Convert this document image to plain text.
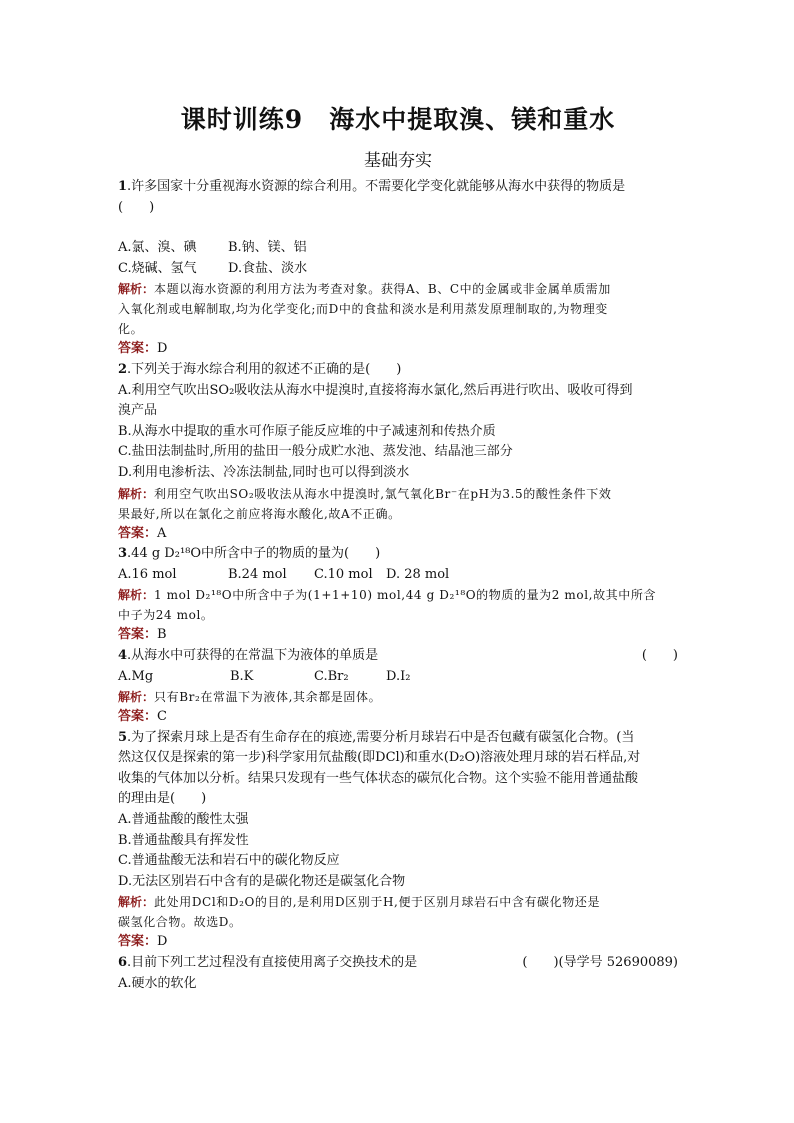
课时训练9　海水中提取溴、镁和重水
基础夯实
1.许多国家十分重视海水资源的综合利用。不需要化学变化就能够从海水中获得的物质是
(　　)
A.氯、溴、碘	B.钠、镁、铝
C.烧碱、氢气	D.食盐、淡水
解析：本题以海水资源的利用方法为考查对象。获得A、B、C中的金属或非金属单质需加
入氧化剂或电解制取,均为化学变化;而D中的食盐和淡水是利用蒸发原理制取的,为物理变
化。
答案：D
2.下列关于海水综合利用的叙述不正确的是(　　)
A.利用空气吹出SO₂吸收法从海水中提溴时,直接将海水氯化,然后再进行吹出、吸收可得到
溴产品
B.从海水中提取的重水可作原子能反应堆的中子减速剂和传热介质
C.盐田法制盐时,所用的盐田一般分成贮水池、蒸发池、结晶池三部分
D.利用电渗析法、冷冻法制盐,同时也可以得到淡水
解析：利用空气吹出SO₂吸收法从海水中提溴时,氯气氧化Br⁻在pH为3.5的酸性条件下效
果最好,所以在氯化之前应将海水酸化,故A不正确。
答案：A
3.44 g D₂¹⁸O中所含中子的物质的量为(　　)
A.16 mol	B.24 mol	C.10 mol	D. 28 mol
解析：1 mol D₂¹⁸O中所含中子为(1+1+10) mol,44 g D₂¹⁸O的物质的量为2 mol,故其中所含
中子为24 mol。
答案：B
4.从海水中可获得的在常温下为液体的单质是	(　　)
A.Mg	B.K	C.Br₂	D.I₂
解析：只有Br₂在常温下为液体,其余都是固体。
答案：C
5.为了探索月球上是否有生命存在的痕迹,需要分析月球岩石中是否包藏有碳氢化合物。(当
然这仅仅是探索的第一步)科学家用氘盐酸(即DCl)和重水(D₂O)溶液处理月球的岩石样品,对
收集的气体加以分析。结果只发现有一些气体状态的碳氘化合物。这个实验不能用普通盐酸
的理由是(　　)
A.普通盐酸的酸性太强
B.普通盐酸具有挥发性
C.普通盐酸无法和岩石中的碳化物反应
D.无法区别岩石中含有的是碳化物还是碳氢化合物
解析：此处用DCl和D₂O的目的,是利用D区别于H,便于区别月球岩石中含有碳化物还是
碳氢化合物。故选D。
答案：D
6.目前下列工艺过程没有直接使用离子交换技术的是	(　　)(导学号 52690089)
A.硬水的软化
